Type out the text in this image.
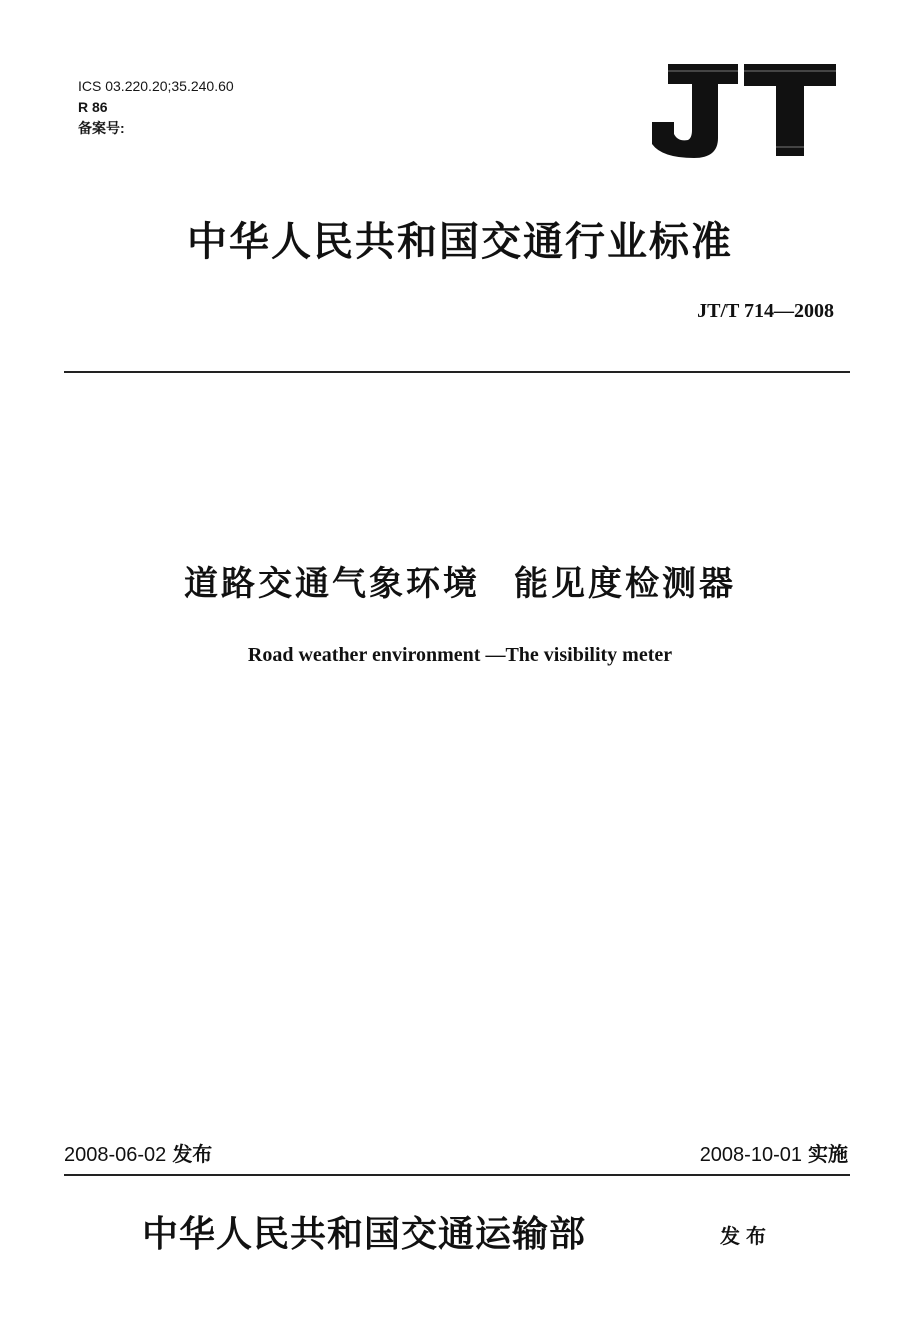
ICS 03.220.20;35.240.60
R 86
备案号:
中华人民共和国交通行业标准
JT/T 714—2008
道路交通气象环境 能见度检测器
Road weather environment —The visibility meter
2008-06-02 发布	2008-10-01 实施
中华人民共和国交通运输部	发布
